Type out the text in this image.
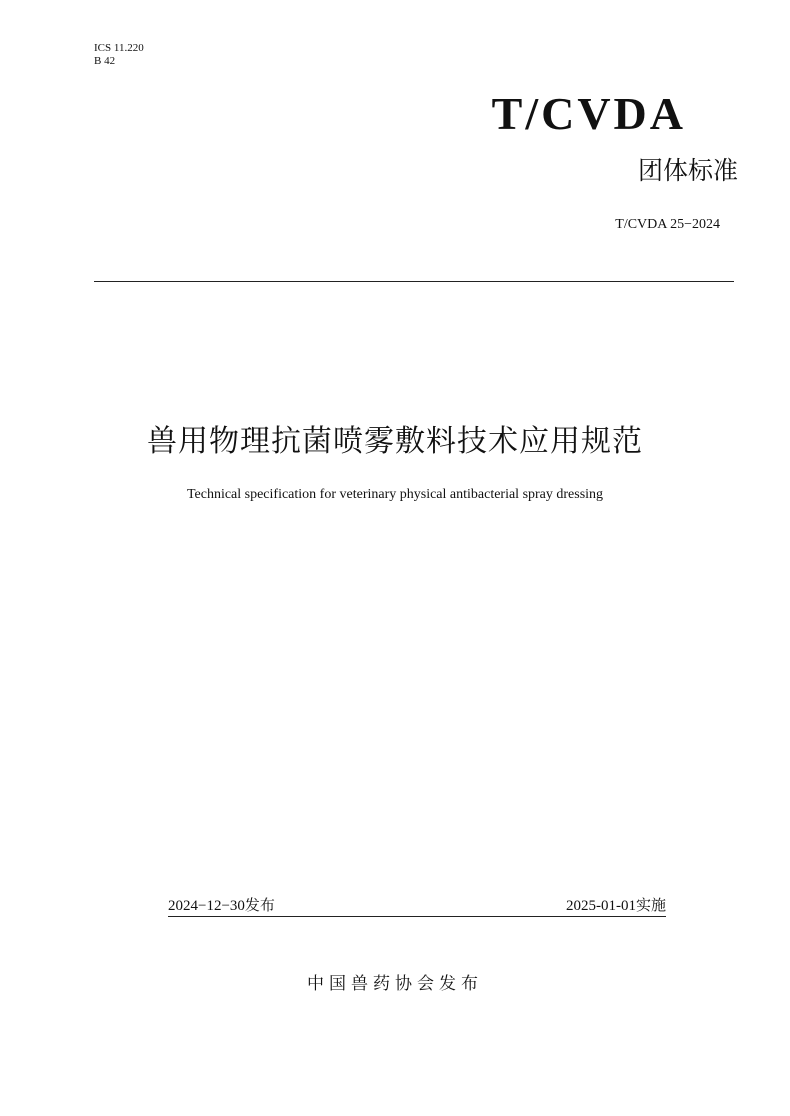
ICS 11.220
B 42
T/CVDA
团体标准
T/CVDA 25−2024
兽用物理抗菌喷雾敷料技术应用规范
Technical specification for veterinary physical antibacterial spray dressing
2024−12−30发布	2025-01-01实施
中国兽药协会发布
